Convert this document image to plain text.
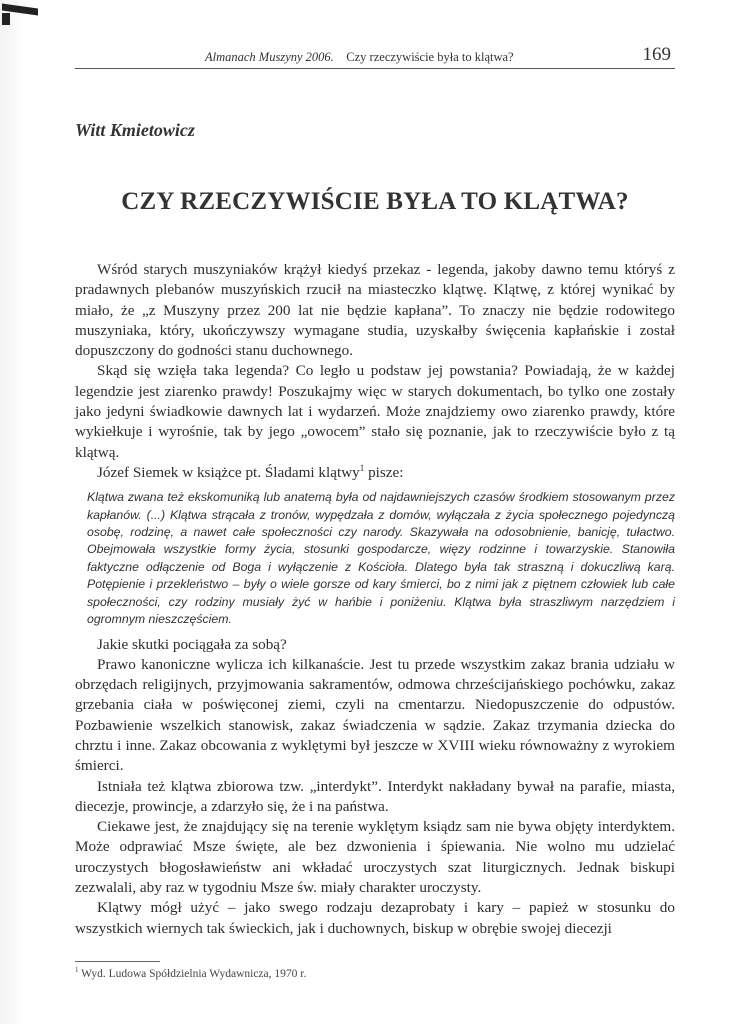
Almanach Muszyny 2006. Czy rzeczywiście była to klątwa?	169
Witt Kmietowicz
CZY RZECZYWIŚCIE BYŁA TO KLĄTWA?

Wśród starych muszyniaków krążył kiedyś przekaz - legenda, jakoby dawno temu któryś z pradawnych plebanów muszyńskich rzucił na miasteczko klątwę. Klątwę, z której wynikać by miało, że „z Muszyny przez 200 lat nie będzie kapłana”. To znaczy nie będzie rodowitego muszyniaka, który, ukończywszy wymagane studia, uzyskałby święcenia kapłańskie i został dopuszczony do godności stanu duchownego.

Skąd się wzięła taka legenda? Co legło u podstaw jej powstania? Powiadają, że w każdej legendzie jest ziarenko prawdy! Poszukajmy więc w starych dokumentach, bo tylko one zostały jako jedyni świadkowie dawnych lat i wydarzeń. Może znajdziemy owo ziarenko prawdy, które wykiełkuje i wyrośnie, tak by jego „owocem” stało się poznanie, jak to rzeczywiście było z tą klątwą.

Józef Siemek w książce pt. Śladami klątwy$^1$ pisze:

Klątwa zwana też ekskomuniką lub anatemą była od najdawniejszych czasów środkiem stosowanym przez kapłanów. (...) Klątwa strącała z tronów, wypędzała z domów, wyłączała z życia społecznego pojedynczą osobę, rodzinę, a nawet całe społeczności czy narody. Skazywała na odosobnienie, banicję, tułactwo. Obejmowała wszystkie formy życia, stosunki gospodarcze, więzy rodzinne i towarzyskie. Stanowiła faktyczne odłączenie od Boga i wyłączenie z Kościoła. Dlatego była tak straszną i dokuczliwą karą. Potępienie i przekleństwo – były o wiele gorsze od kary śmierci, bo z nimi jak z piętnem człowiek lub całe społeczności, czy rodziny musiały żyć w hańbie i poniżeniu. Klątwa była straszliwym narzędziem i ogromnym nieszczęściem.

Jakie skutki pociągała za sobą?

Prawo kanoniczne wylicza ich kilkanaście. Jest tu przede wszystkim zakaz brania udziału w obrzędach religijnych, przyjmowania sakramentów, odmowa chrześcijańskiego pochówku, zakaz grzebania ciała w poświęconej ziemi, czyli na cmentarzu. Niedopuszczenie do odpustów. Pozbawienie wszelkich stanowisk, zakaz świadczenia w sądzie. Zakaz trzymania dziecka do chrztu i inne. Zakaz obcowania z wyklętymi był jeszcze w XVIII wieku równoważny z wyrokiem śmierci.

Istniała też klątwa zbiorowa tzw. „interdykt”. Interdykt nakładany bywał na parafie, miasta, diecezje, prowincje, a zdarzyło się, że i na państwa.

Ciekawe jest, że znajdujący się na terenie wyklętym ksiądz sam nie bywa objęty interdyktem. Może odprawiać Msze święte, ale bez dzwonienia i śpiewania. Nie wolno mu udzielać uroczystych błogosławieństw ani wkładać uroczystych szat liturgicznych. Jednak biskupi zezwalali, aby raz w tygodniu Msze św. miały charakter uroczysty.

Klątwy mógł użyć – jako swego rodzaju dezaprobaty i kary – papież w stosunku do wszystkich wiernych tak świeckich, jak i duchownych, biskup w obrębie swojej diecezji

$^1$ Wyd. Ludowa Spółdzielnia Wydawnicza, 1970 r.
